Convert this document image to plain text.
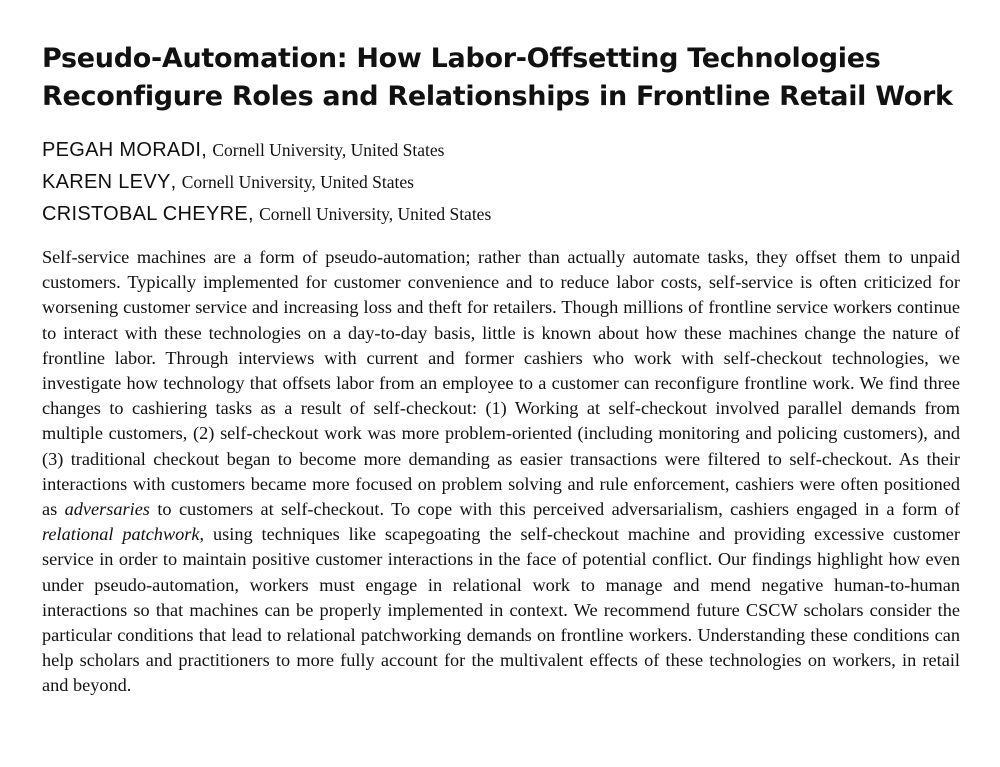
Pseudo-Automation: How Labor-Offsetting Technologies Reconfigure Roles and Relationships in Frontline Retail Work
PEGAH MORADI, Cornell University, United States
KAREN LEVY, Cornell University, United States
CRISTOBAL CHEYRE, Cornell University, United States

Self-service machines are a form of pseudo-automation; rather than actually automate tasks, they offset them to unpaid customers. Typically implemented for customer convenience and to reduce labor costs, self-service is often criticized for worsening customer service and increasing loss and theft for retailers. Though millions of frontline service workers continue to interact with these technologies on a day-to-day basis, little is known about how these machines change the nature of frontline labor. Through interviews with current and former cashiers who work with self-checkout technologies, we investigate how technology that offsets labor from an employee to a customer can reconfigure frontline work. We find three changes to cashiering tasks as a result of self-checkout: (1) Working at self-checkout involved parallel demands from multiple customers, (2) self-checkout work was more problem-oriented (including monitoring and policing customers), and (3) traditional checkout began to become more demanding as easier transactions were filtered to self-checkout. As their interactions with customers became more focused on problem solving and rule enforcement, cashiers were often positioned as adversaries to customers at self-checkout. To cope with this perceived adversarialism, cashiers engaged in a form of relational patchwork, using techniques like scapegoating the self-checkout machine and providing excessive customer service in order to maintain positive customer interactions in the face of potential conflict. Our findings highlight how even under pseudo-automation, workers must engage in relational work to manage and mend negative human-to-human interactions so that machines can be properly implemented in context. We recommend future CSCW scholars consider the particular conditions that lead to relational patchworking demands on frontline workers. Understanding these conditions can help scholars and practitioners to more fully account for the multivalent effects of these technologies on workers, in retail and beyond.
